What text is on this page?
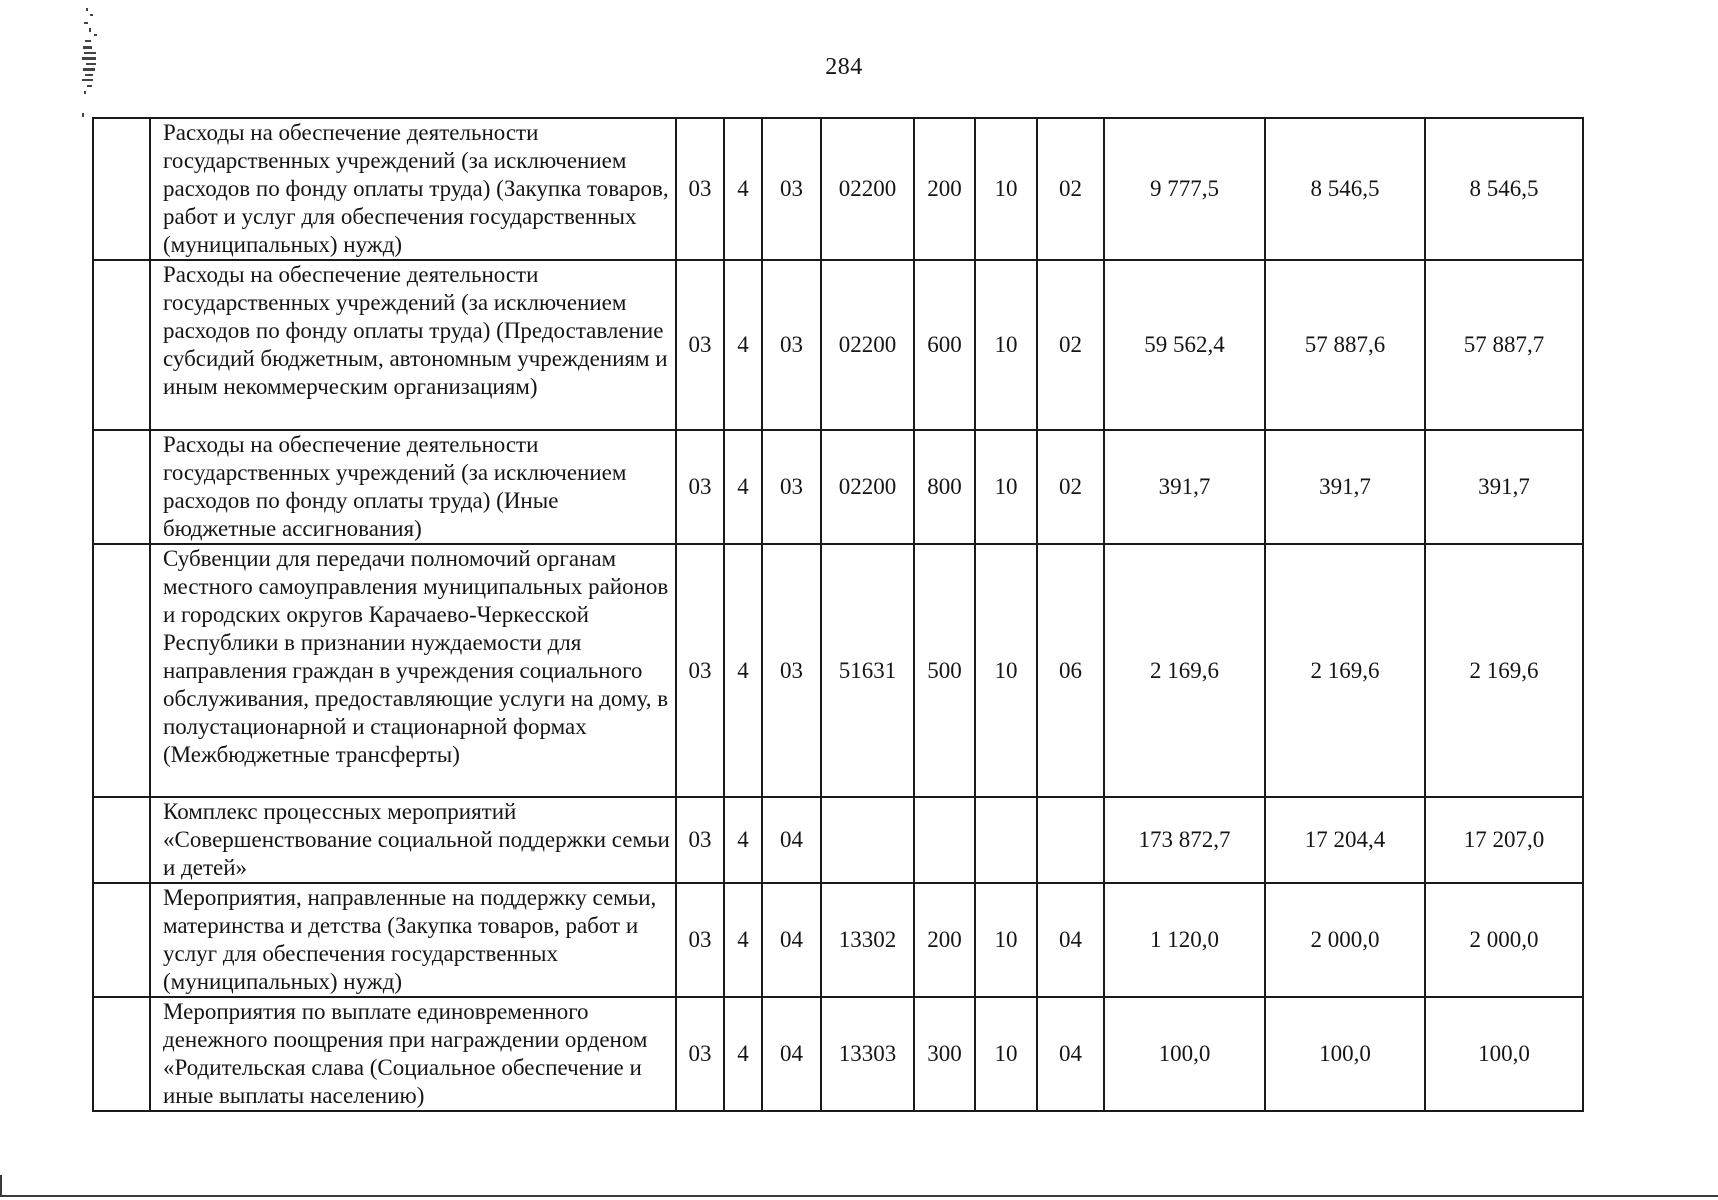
284
	Расходы на обеспечение деятельности государственных учреждений (за исключением расходов по фонду оплаты труда) (Закупка товаров, работ и услуг для обеспечения государственных (муниципальных) нужд)	03	4	03	02200	200	10	02	9 777,5	8 546,5	8 546,5
	Расходы на обеспечение деятельности государственных учреждений (за исключением расходов по фонду оплаты труда) (Предоставление субсидий бюджетным, автономным учреждениям и иным некоммерческим организациям)	03	4	03	02200	600	10	02	59 562,4	57 887,6	57 887,7
	Расходы на обеспечение деятельности государственных учреждений (за исключением расходов по фонду оплаты труда) (Иные бюджетные ассигнования)	03	4	03	02200	800	10	02	391,7	391,7	391,7
	Субвенции для передачи полномочий органам местного самоуправления муниципальных районов и городских округов Карачаево-Черкесской Республики в признании нуждаемости для направления граждан в учреждения социального обслуживания, предоставляющие услуги на дому, в полустационарной и стационарной формах (Межбюджетные трансферты)	03	4	03	51631	500	10	06	2 169,6	2 169,6	2 169,6
	Комплекс процессных мероприятий «Совершенствование социальной поддержки семьи и детей»	03	4	04					173 872,7	17 204,4	17 207,0
	Мероприятия, направленные на поддержку семьи, материнства и детства (Закупка товаров, работ и услуг для обеспечения государственных (муниципальных) нужд)	03	4	04	13302	200	10	04	1 120,0	2 000,0	2 000,0
	Мероприятия по выплате единовременного денежного поощрения при награждении орденом «Родительская слава (Социальное обеспечение и иные выплаты населению)	03	4	04	13303	300	10	04	100,0	100,0	100,0
